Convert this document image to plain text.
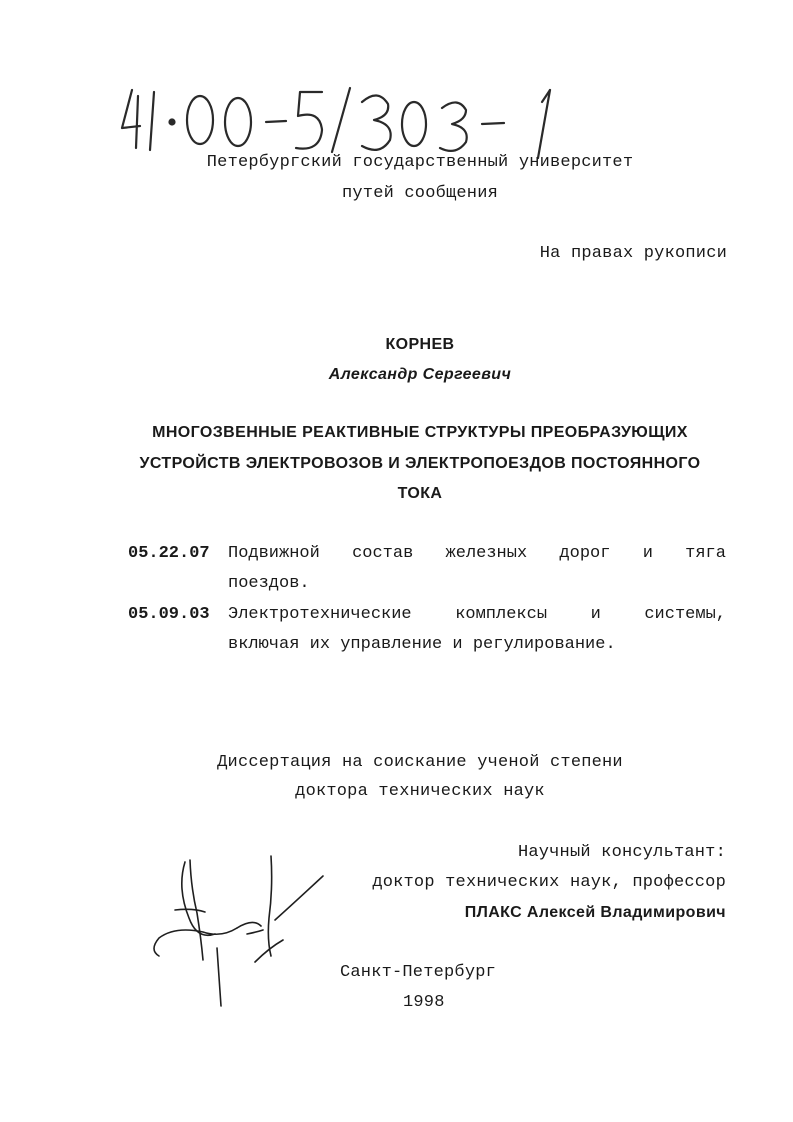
Петербургский государственный университет
путей сообщения
На правах рукописи
КОРНЕВ
Александр Сергеевич
МНОГОЗВЕННЫЕ РЕАКТИВНЫЕ СТРУКТУРЫ ПРЕОБРАЗУЮЩИХ
УСТРОЙСТВ ЭЛЕКТРОВОЗОВ И ЭЛЕКТРОПОЕЗДОВ ПОСТОЯННОГО
ТОКА
05.22.07 Подвижной состав железных дорог и тяга
поездов.
05.09.03 Электротехнические	комплексы	и	системы,
включая их управление и регулирование.
Диссертация на соискание ученой степени
доктора технических наук
Научный консультант:
доктор технических наук, профессор
ПЛАКС Алексей Владимирович
Санкт-Петербург
1998
